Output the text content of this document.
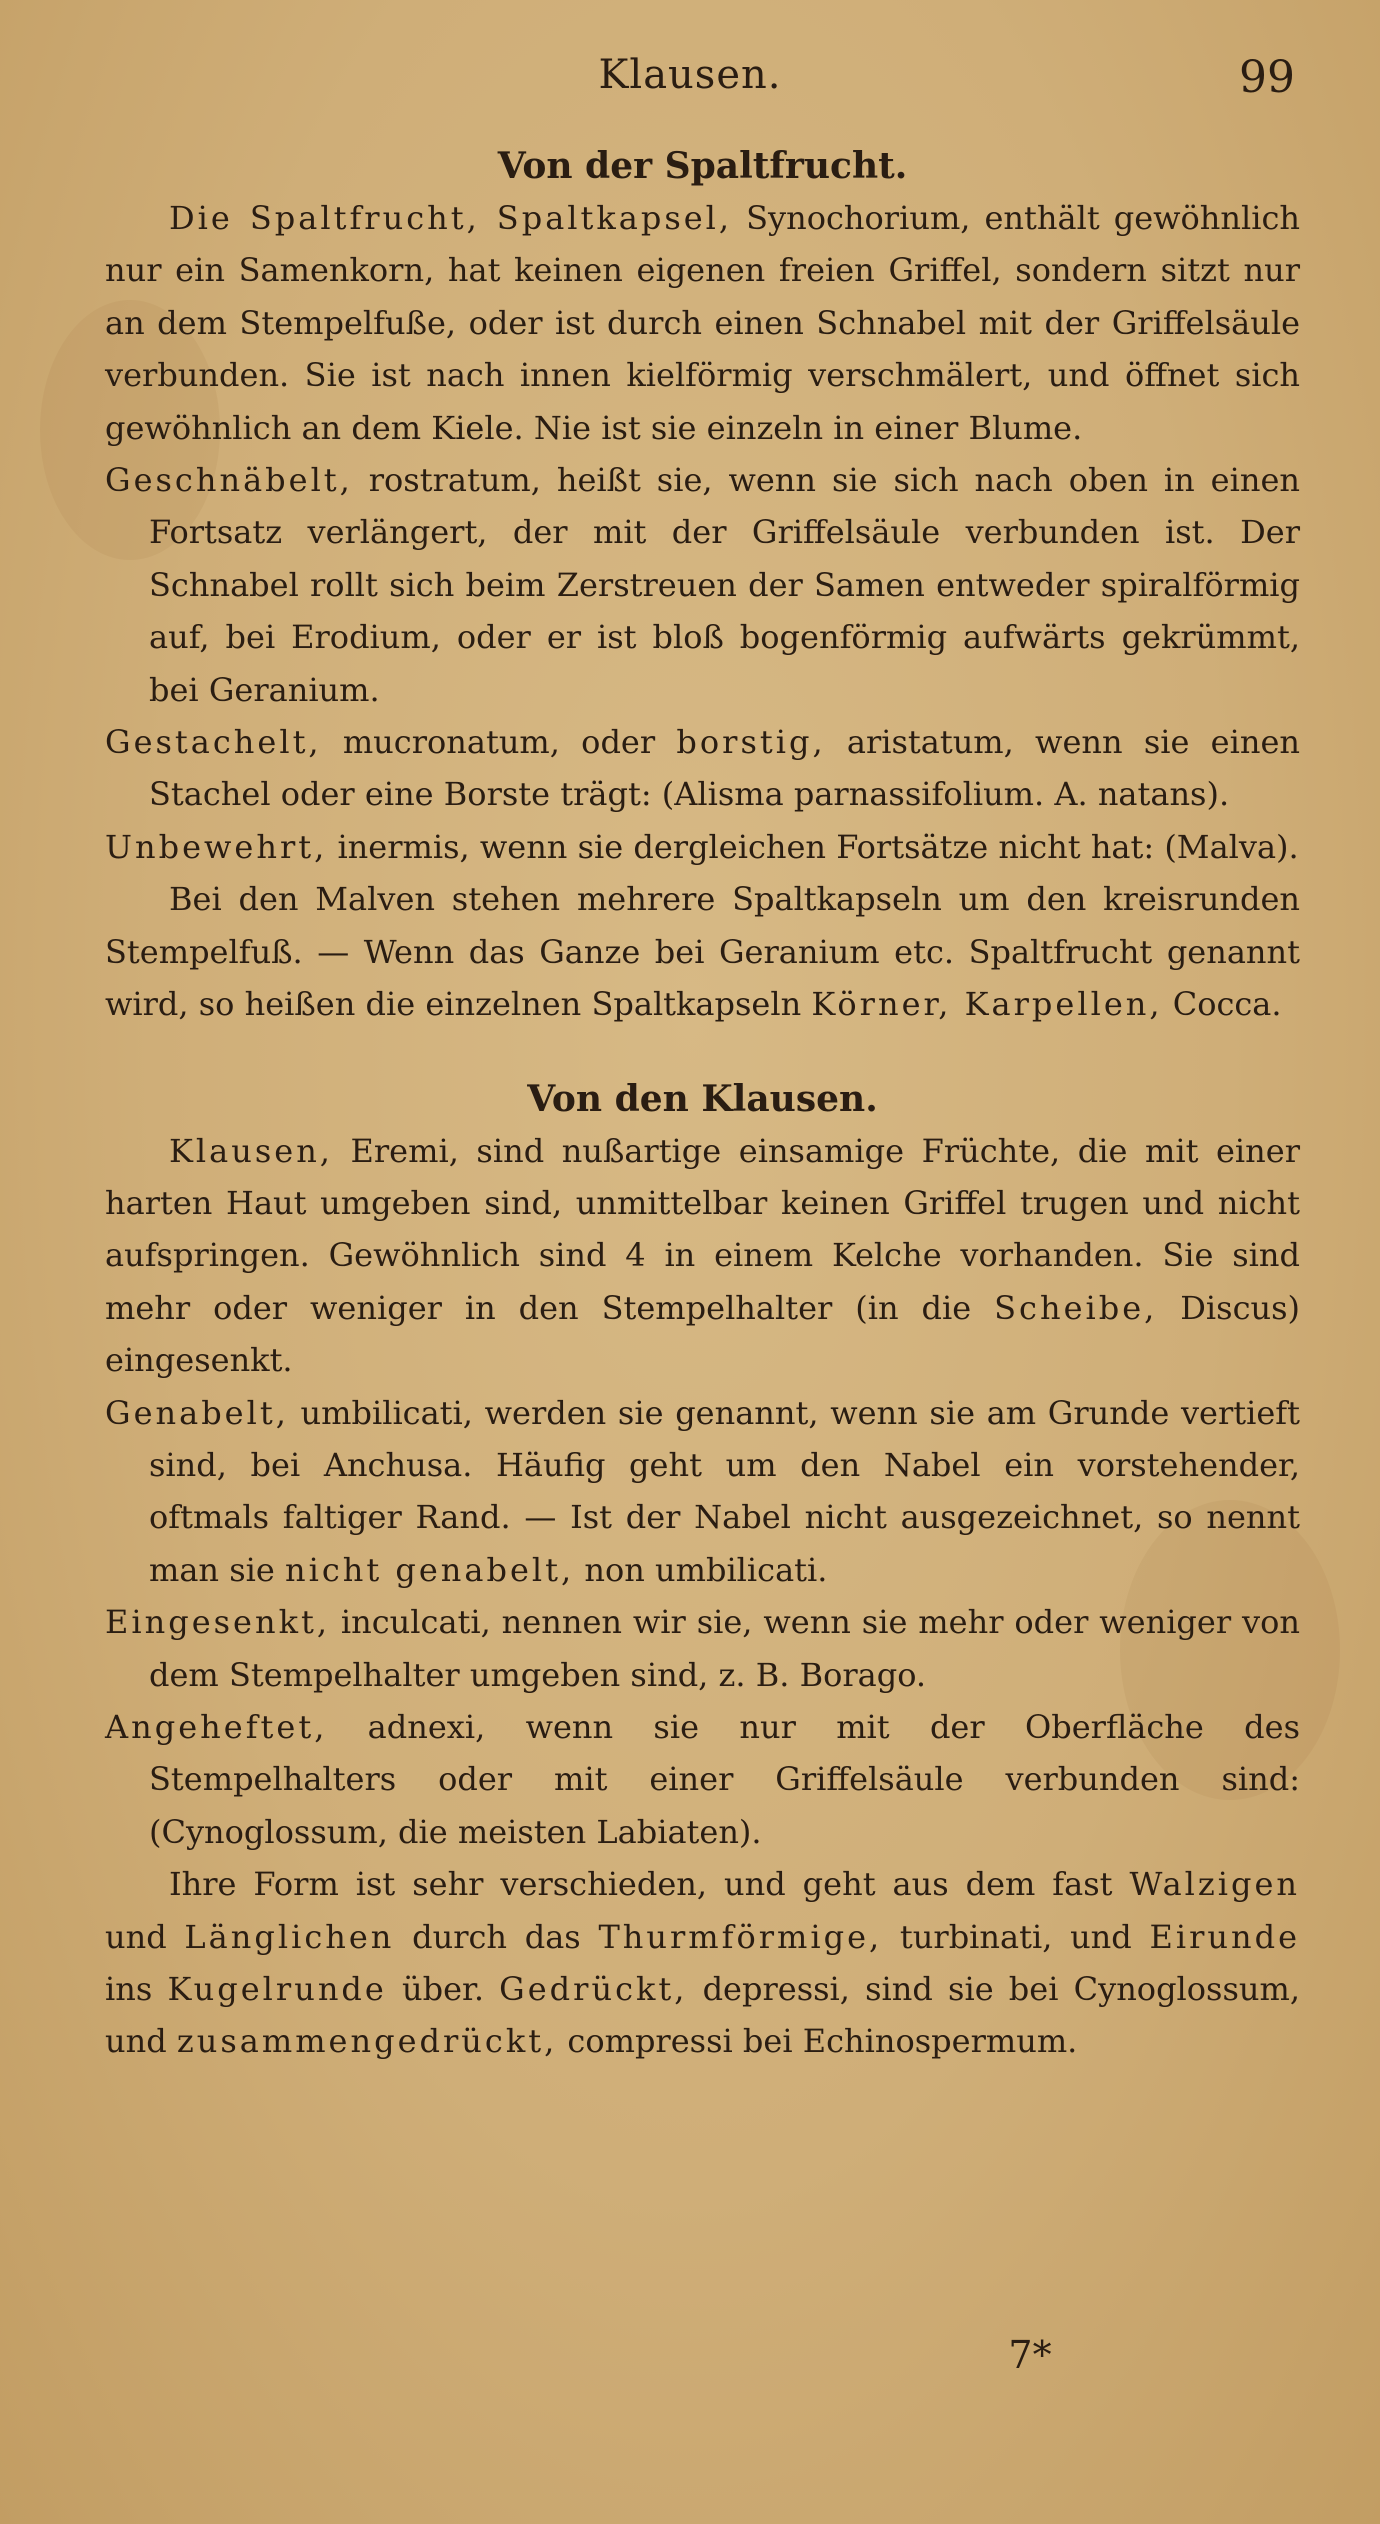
Klausen.	99
Von der Spaltfrucht.

Die Spaltfrucht, Spaltkapsel, Synochorium, enthält gewöhnlich nur ein Samenkorn, hat keinen eigenen freien Griffel, sondern sitzt nur an dem Stempelfuße, oder ist durch einen Schnabel mit der Griffelsäule verbunden. Sie ist nach innen kielförmig verschmälert, und öffnet sich gewöhnlich an dem Kiele. Nie ist sie einzeln in einer Blume.

Geschnäbelt, rostratum, heißt sie, wenn sie sich nach oben in einen Fortsatz verlängert, der mit der Griffelsäule verbunden ist. Der Schnabel rollt sich beim Zerstreuen der Samen entweder spiralförmig auf, bei Erodium, oder er ist bloß bogenförmig aufwärts gekrümmt, bei Geranium.

Gestachelt, mucronatum, oder borstig, aristatum, wenn sie einen Stachel oder eine Borste trägt: (Alisma parnassifolium. A. natans).

Unbewehrt, inermis, wenn sie dergleichen Fortsätze nicht hat: (Malva).

Bei den Malven stehen mehrere Spaltkapseln um den kreisrunden Stempelfuß. — Wenn das Ganze bei Geranium etc. Spaltfrucht genannt wird, so heißen die einzelnen Spaltkapseln Körner, Karpellen, Cocca.

Von den Klausen.

Klausen, Eremi, sind nußartige einsamige Früchte, die mit einer harten Haut umgeben sind, unmittelbar keinen Griffel trugen und nicht aufspringen. Gewöhnlich sind 4 in einem Kelche vorhanden. Sie sind mehr oder weniger in den Stempelhalter (in die Scheibe, Discus) eingesenkt.

Genabelt, umbilicati, werden sie genannt, wenn sie am Grunde vertieft sind, bei Anchusa. Häufig geht um den Nabel ein vorstehender, oftmals faltiger Rand. — Ist der Nabel nicht ausgezeichnet, so nennt man sie nicht genabelt, non umbilicati.

Eingesenkt, inculcati, nennen wir sie, wenn sie mehr oder weniger von dem Stempelhalter umgeben sind, z. B. Borago.

Angeheftet, adnexi, wenn sie nur mit der Oberfläche des Stempelhalters oder mit einer Griffelsäule verbunden sind: (Cynoglossum, die meisten Labiaten).

Ihre Form ist sehr verschieden, und geht aus dem fast Walzigen und Länglichen durch das Thurmförmige, turbinati, und Eirunde ins Kugelrunde über. Gedrückt, depressi, sind sie bei Cynoglossum, und zusammengedrückt, compressi bei Echinospermum.

7*
